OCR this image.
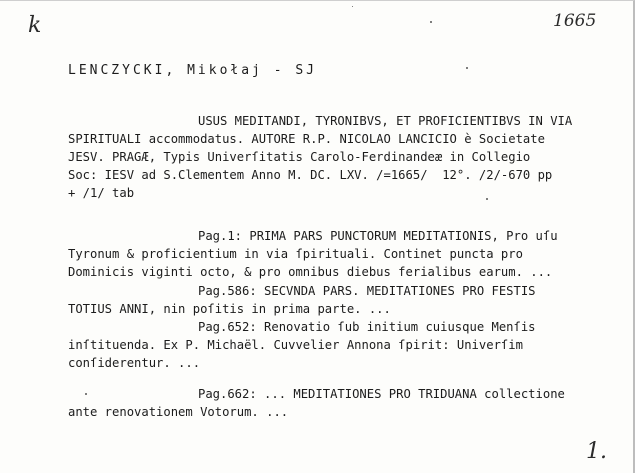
k	1665
LENCZYCKI, Mikołaj - SJ
USUS MEDITANDI, TYRONIBVS, ET PROFICIENTIBVS IN VIA
SPIRITUALI accommodatus. AUTORE R.P. NICOLAO LANCICIO è Societate
JESV. PRAGÆ, Typis Univerſitatis Carolo-Ferdinandeæ in Collegio
Soc: IESV ad S.Clementem Anno M. DC. LXV. /=1665/  12°. /2/-670 pp
+ /1/ tab
Pag.1: PRIMA PARS PUNCTORUM MEDITATIONIS, Pro uſu
Tyronum & proficientium in via ſpirituali. Continet puncta pro
Dominicis viginti octo, & pro omnibus diebus ferialibus earum. ...
Pag.586: SECVNDA PARS. MEDITATIONES PRO FESTIS
TOTIUS ANNI, nin poſitis in prima parte. ...
Pag.652: Renovatio ſub initium cuiusque Menſis
inſtituenda. Ex P. Michaël. Cuvvelier Annona ſpirit: Univerſim
conſiderentur. ...
Pag.662: ... MEDITATIONES PRO TRIDUANA collectione
ante renovationem Votorum. ...
1.
